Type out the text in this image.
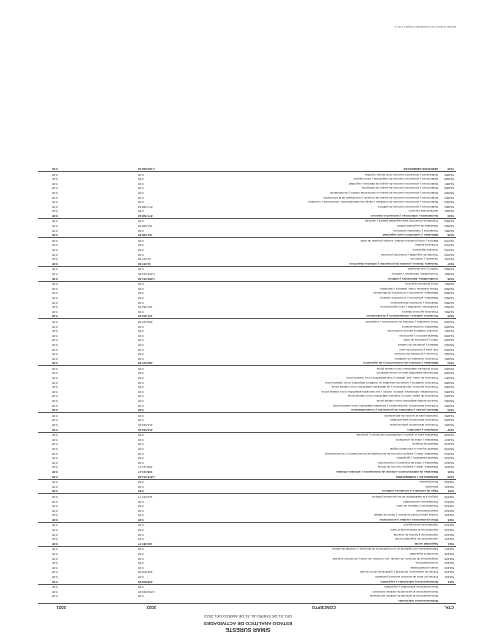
SIMAR SURESTE
ESTADO ANALÍTICO DE ACTIVIDADES
DEL 01 DE ENERO AL 31 DE MARZO DEL 2022
CTA.
CONCEPTO
2022
2021
Remuneraciones adicionales
Remuneraciones al personal de carácter permanente
0.00
0.00
Remuneraciones al personal de carácter transitorio
1,053,823.00
0.00
Remuneraciones adicionales y especiales
0.00
0.00
5113
Remuneraciones adicionales y especiales
326,878.00
0.00
511301
Primas por años de servicios efectivos prestados
0.00
0.00
511302
Primas de vacaciones, dominical y gratificación de fin de año
326,878.00
0.00
511303
Horas extraordinarias
0.00
0.00
511304
Compensaciones
0.00
0.00
511305
Asignaciones de técnicos, de mando, por comisión, de vuelo y de técnico especial
0.00
0.00
511306
Honorarios especiales
0.00
0.00
511307
Participaciones por vigilancia en el cumplimiento de las leyes y custodia de valores
0.00
0.00
5114
Seguridad social
132,387.77
0.00
511401
Aportaciones de seguridad social
0.00
0.00
511402
Aportaciones a fondos de vivienda
0.00
0.00
511403
Aportaciones al sistema para el retiro
0.00
0.00
511404
Aportaciones para seguros
0.00
0.00
5115
Otras prestaciones sociales y económicas
0.00
0.00
511501
Cuotas para el fondo de ahorro y fondo de trabajo
0.00
0.00
511502
Indemnizaciones
0.00
0.00
511503
Prestaciones y haberes de retiro
0.00
0.00
511504
Prestaciones contractuales
0.00
0.00
511505
Apoyos a la capacitación de los servidores públicos
113,287.77
0.00
5116
Pago de estímulos a servidores públicos
0.00
0.00
511601
Estímulos
0.00
0.00
511602
Recompensas
0.00
0.00
5120
MATERIALES Y SUMINISTROS
1,875,531.28
0.00
5121
Materiales de administración, emisión de documentos y artículos oficiales
108,121.17
0.00
512101
Materiales, útiles y equipos menores de oficina
108,121.17
0.00
512102
Materiales y útiles de impresión y reproducción
0.00
0.00
512103
Material estadístico y geográfico
0.00
0.00
512104
Materiales, útiles y equipos menores de tecnologías de la información y comunicaciones
0.00
0.00
512105
Material impreso e información digital
0.00
0.00
512106
Material de limpieza
0.00
0.00
512107
Materiales y útiles de enseñanza
0.00
0.00
512108
Materiales para el registro e identificación de bienes y personas
0.00
0.00
5122
Alimentos y utensilios
213,534.40
0.00
512201
Productos alimenticios para personas
213,534.40
0.00
512202
Productos alimenticios para animales
0.00
0.00
512203
Utensilios para el servicio de alimentación
0.00
0.00
5123
Materias primas y materiales de producción y comercialización
0.00
0.00
512301
Productos alimenticios, agropecuarios y forestales adquiridos como materia prima
0.00
0.00
512302
Insumos textiles adquiridos como materia prima
0.00
0.00
512303
Productos de papel, cartón e impresos adquiridos como materia prima
0.00
0.00
512304
Combustibles, lubricantes, aditivos, carbón y sus derivados adquiridos como materia prima
0.00
0.00
512305
Productos químicos, farmacéuticos y de laboratorio adquiridos como materia prima
0.00
0.00
512306
Productos metálicos y a base de minerales no metálicos adquiridos como materia prima
0.00
0.00
512307
Productos de cuero, piel, plástico y hule adquiridos como materia prima
0.00
0.00
512308
Mercancías adquiridas para su comercialización
0.00
0.00
512309
Otros productos adquiridos como materia prima
0.00
0.00
5124
Materiales y artículos de construcción y de reparación
289,015.38
0.00
512401
Productos minerales no metálicos
0.00
0.00
512402
Cemento y productos de concreto
0.00
0.00
512403
Cal, yeso y productos de yeso
0.00
0.00
512404
Madera y productos de madera
0.00
0.00
512405
Vidrio y productos de vidrio
0.00
0.00
512406
Material eléctrico y electrónico
0.00
0.00
512407
Artículos metálicos para la construcción
0.00
0.00
512408
Materiales complementarios
0.00
0.00
512409
Otros materiales y artículos de construcción y reparación
289,015.38
0.00
5125
Productos químicos, farmacéuticos y de laboratorio
101,352.00
0.00
512501
Productos químicos básicos
0.00
0.00
512502
Fertilizantes, pesticidas y otros agroquímicos
101,352.00
0.00
512503
Medicinas y productos farmacéuticos
0.00
0.00
512504
Materiales, accesorios y suministros médicos
0.00
0.00
512505
Materiales, accesorios y suministros de laboratorio
0.00
0.00
512506
Fibras sintéticas, hules, plásticos y derivados
0.00
0.00
512507
Otros productos químicos
0.00
0.00
5126
Combustibles, lubricantes y aditivos
1,063,331.36
0.00
512601
Combustibles, lubricantes y aditivos
1,063,331.36
0.00
512602
Carbón y sus derivados
0.00
0.00
5127
Vestuario, blancos, prendas de protección y artículos deportivos
41,007.56
0.00
512701
Vestuario y uniformes
41,007.56
0.00
512702
Prendas de seguridad y protección personal
0.00
0.00
512703
Artículos deportivos
0.00
0.00
512704
Productos textiles
0.00
0.00
512705
Blancos y otros productos textiles, excepto prendas de vestir
0.00
0.00
5128
Materiales y suministros para seguridad
101,598.00
0.00
512801
Sustancias y materiales explosivos
0.00
0.00
512802
Materiales de seguridad pública
101,598.00
0.00
512803
Prendas de protección para seguridad pública y nacional
0.00
0.00
5129
Herramientas, refacciones y accesorios menores
877,098.93
0.00
512901
Herramientas menores
0.00
0.00
512902
Refacciones y accesorios menores de edificios
877,098.93
0.00
512903
Refacciones y accesorios menores de mobiliario y equipo de administración, educacional y recreativo
0.00
0.00
512904
Refacciones y accesorios menores de equipo de cómputo y tecnologías de la información
0.00
0.00
512905
Refacciones y accesorios menores de equipo e instrumental médico y de laboratorio
0.00
0.00
512906
Refacciones y accesorios menores de equipo de transporte
0.00
0.00
512907
Refacciones y accesorios menores de equipo de defensa y seguridad
0.00
0.00
512908
Refacciones y accesorios menores de maquinaria y otros equipos
0.00
0.00
512909
Refacciones y accesorios menores otros bienes muebles
0.00
0.00
5130
SERVICIOS GENERALES
1,160,928.18
0.00
Estado Analítico de Actividades Página 2 de 3
